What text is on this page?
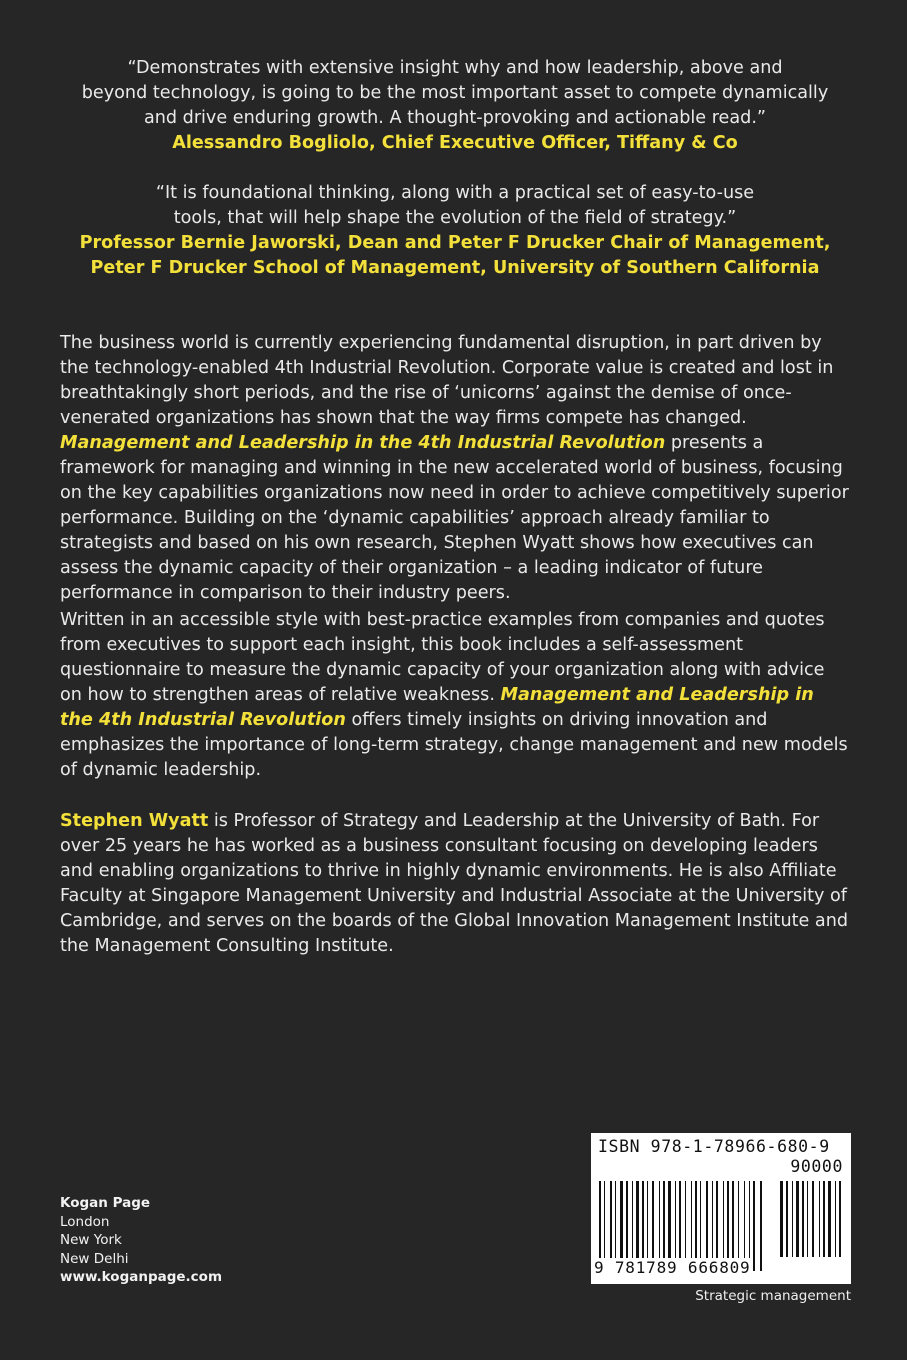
“Demonstrates with extensive insight why and how leadership, above and
beyond technology, is going to be the most important asset to compete dynamically
and drive enduring growth. A thought-provoking and actionable read.”
Alessandro Bogliolo, Chief Executive Officer, Tiffany & Co
“It is foundational thinking, along with a practical set of easy-to-use
tools, that will help shape the evolution of the field of strategy.”
Professor Bernie Jaworski, Dean and Peter F Drucker Chair of Management,
Peter F Drucker School of Management, University of Southern California
The business world is currently experiencing fundamental disruption, in part driven by the technology-enabled 4th Industrial Revolution. Corporate value is created and lost in breathtakingly short periods, and the rise of ‘unicorns’ against the demise of once-venerated organizations has shown that the way firms compete has changed. Management and Leadership in the 4th Industrial Revolution presents a framework for managing and winning in the new accelerated world of business, focusing on the key capabilities organizations now need in order to achieve competitively superior performance. Building on the ‘dynamic capabilities’ approach already familiar to strategists and based on his own research, Stephen Wyatt shows how executives can assess the dynamic capacity of their organization – a leading indicator of future performance in comparison to their industry peers.
Written in an accessible style with best-practice examples from companies and quotes from executives to support each insight, this book includes a self-assessment questionnaire to measure the dynamic capacity of your organization along with advice on how to strengthen areas of relative weakness. Management and Leadership in the 4th Industrial Revolution offers timely insights on driving innovation and emphasizes the importance of long-term strategy, change management and new models of dynamic leadership.
Stephen Wyatt is Professor of Strategy and Leadership at the University of Bath. For over 25 years he has worked as a business consultant focusing on developing leaders and enabling organizations to thrive in highly dynamic environments. He is also Affiliate Faculty at Singapore Management University and Industrial Associate at the University of Cambridge, and serves on the boards of the Global Innovation Management Institute and the Management Consulting Institute.
Kogan Page
London
New York
New Delhi
www.koganpage.com
ISBN 978-1-78966-680-9
90000
9 781789 666809
Strategic management
